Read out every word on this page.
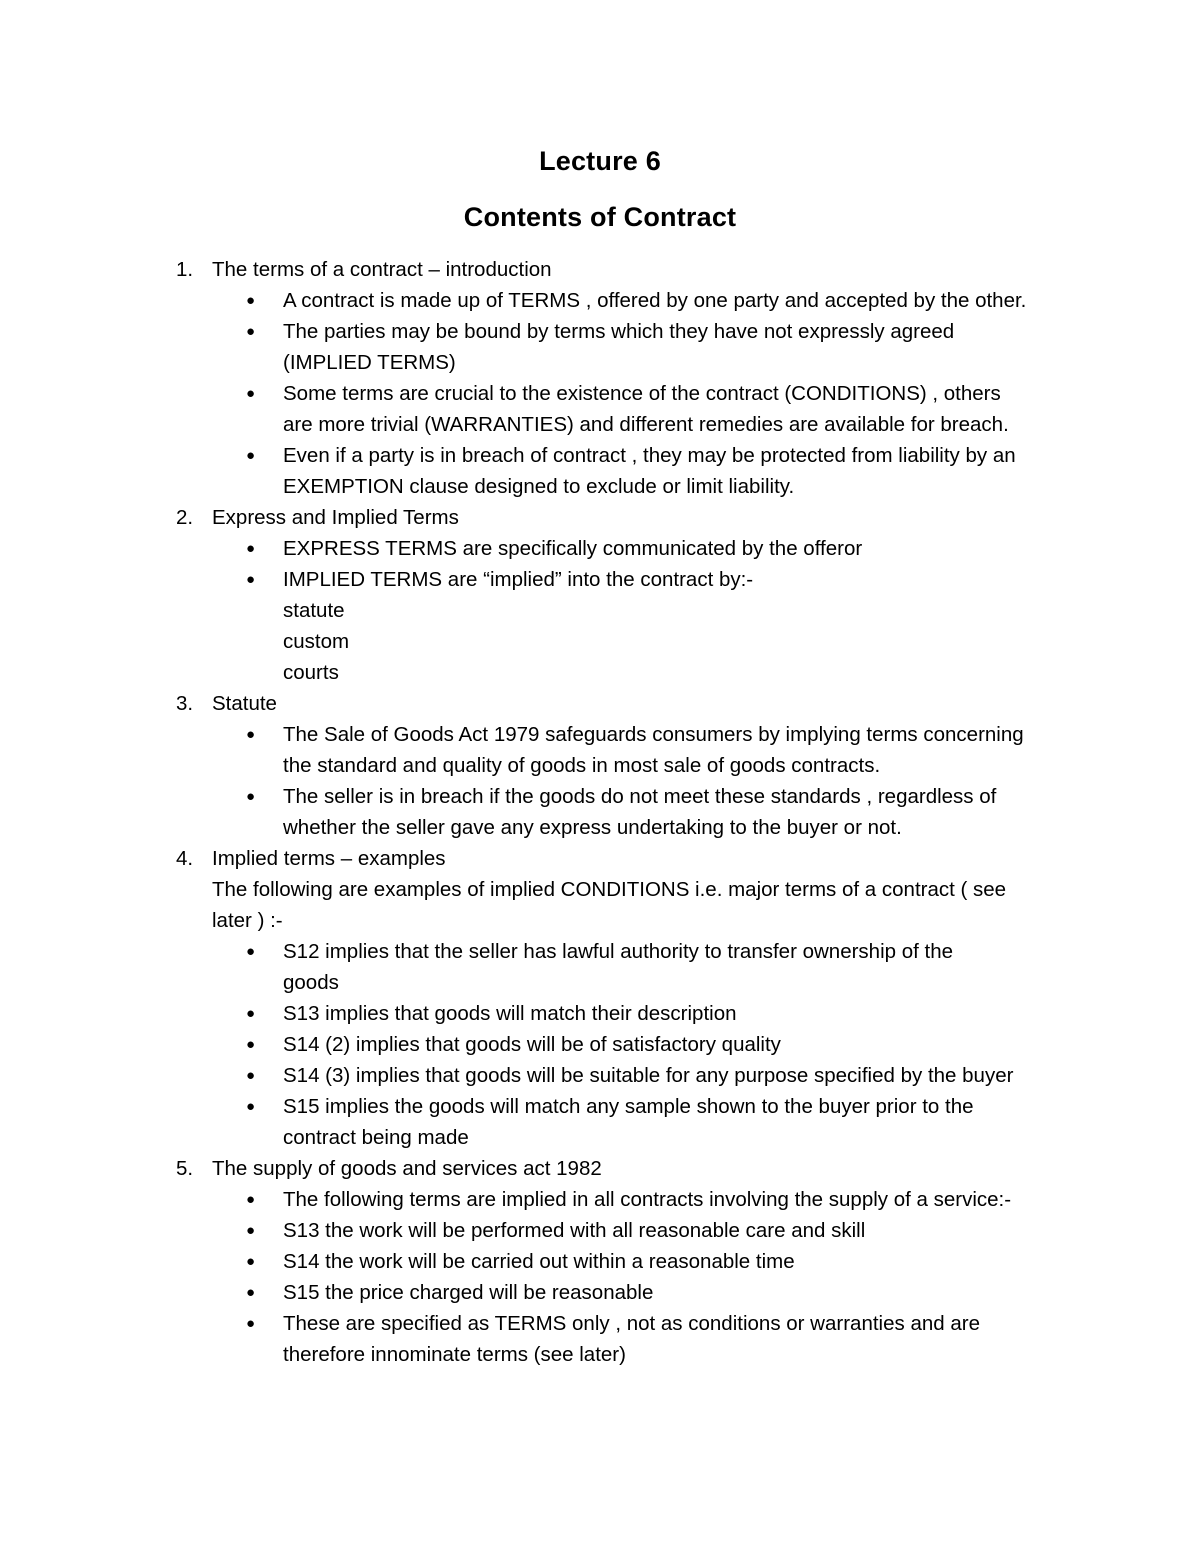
Lecture 6
Contents of Contract
1. The terms of a contract – introduction
● A contract is made up of TERMS , offered by one party and accepted by the other.
● The parties may be bound by terms which they have not expressly agreed
(IMPLIED TERMS)
● Some terms are crucial to the existence of the contract (CONDITIONS) , others
are more trivial (WARRANTIES) and different remedies are available for breach.
● Even if a party is in breach of contract , they may be protected from liability by an
EXEMPTION clause designed to exclude or limit liability.
2. Express and Implied Terms
● EXPRESS TERMS are specifically communicated by the offeror
● IMPLIED TERMS are “implied” into the contract by:-
statute
custom
courts
3. Statute
● The Sale of Goods Act 1979 safeguards consumers by implying terms concerning
the standard and quality of goods in most sale of goods contracts.
● The seller is in breach if the goods do not meet these standards , regardless of
whether the seller gave any express undertaking to the buyer or not.
4. Implied terms – examples
The following are examples of implied CONDITIONS i.e. major terms of a contract ( see
later ) :-
● S12 implies that the seller has lawful authority to transfer ownership of the
goods
● S13 implies that goods will match their description
● S14 (2) implies that goods will be of satisfactory quality
● S14 (3) implies that goods will be suitable for any purpose specified by the buyer
● S15 implies the goods will match any sample shown to the buyer prior to the
contract being made
5. The supply of goods and services act 1982
● The following terms are implied in all contracts involving the supply of a service:-
● S13 the work will be performed with all reasonable care and skill
● S14 the work will be carried out within a reasonable time
● S15 the price charged will be reasonable
● These are specified as TERMS only , not as conditions or warranties and are
therefore innominate terms (see later)
